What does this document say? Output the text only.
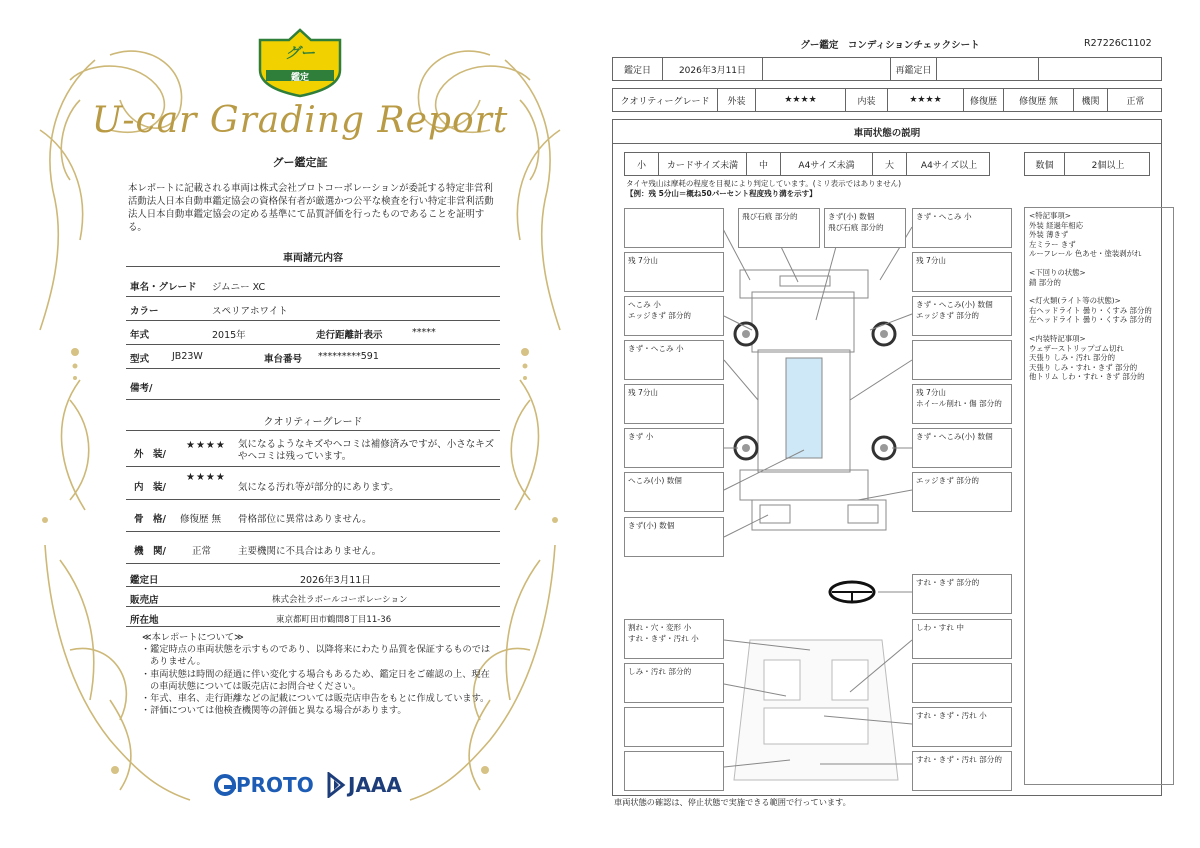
グー
鑑定
U-car Grading Report
グー鑑定証
本レポートに記載される車両は株式会社プロトコーポレーションが委託する特定非営利活動法人日本自動車鑑定協会の資格保有者が厳選かつ公平な検査を行い特定非営利活動法人日本自動車鑑定協会の定める基準にて品質評価を行ったものであることを証明する。
車両諸元内容
車名・グレード ジムニー XC
カラー	スペリアホワイト
年式	2015年	走行距離計表示	*****
型式 JB23W	車台番号 *********591
備考/
クオリティーグレード
外　装/
★★★★ 気になるようなキズやヘコミは補修済みですが、小さなキズやヘコミは残っています。
内　装/
★★★★
気になる汚れ等が部分的にあります。
骨　格/ 修復歴 無 骨格部位に異常はありません。
機　関/	正常	主要機関に不具合はありません。
鑑定日	2026年3月11日
販売店	株式会社ラボールコーポレーション
所在地	東京都町田市鶴間8丁目11-36
≪本レポートについて≫
・鑑定時点の車両状態を示すものであり、以降将来にわたり品質を保証するものではありません。
・車両状態は時間の経過に伴い変化する場合もあるため、鑑定日をご確認の上、現在の車両状態については販売店にお問合せください。
・年式、車名、走行距離などの記載については販売店申告をもとに作成しています。
・評価については他検査機関等の評価と異なる場合があります。
PROTO JAAA
グー鑑定　コンディションチェックシート	R27226C1102
鑑定日	2026年3月11日	再鑑定日
クオリティーグレード	外装	★★★★	内装	★★★★	修復歴	修復歴 無	機関	正常
車両状態の説明
小	カードサイズ未満	中	A4サイズ未満	大	A4サイズ以上	数個	2個以上
タイヤ残山は摩耗の程度を目視により判定しています。(ミリ表示ではありません)
【例：残 5分山＝概ね50パーセント程度残り溝を示す】
残 7分山
へこみ 小
エッジきず 部分的
きず・へこみ 小
残 7分山
きず 小
へこみ(小) 数個
きず(小) 数個
飛び石痕 部分的	きず(小) 数個
飛び石痕 部分的
きず・へこみ 小
残 7分山
きず・へこみ(小) 数個
エッジきず 部分的
残 7分山
ホイール削れ・傷 部分的
きず・へこみ(小) 数個
エッジきず 部分的
すれ・きず 部分的
割れ・穴・変形 小
すれ・きず・汚れ 小
しわ・すれ 中
しみ・汚れ 部分的
すれ・きず・汚れ 小
すれ・きず・汚れ 部分的
<特記事項>
外装 経過年相応
外装 薄きず
左ミラー きず
ルーフレール 色あせ・塗装剥がれ
<下回りの状態>
錆 部分的
<灯火類(ライト等の状態)>
右ヘッドライト 曇り・くすみ 部分的
左ヘッドライト 曇り・くすみ 部分的
<内装特記事項>
ウェザーストリップゴム切れ
天張り しみ・汚れ 部分的
天張り しみ・すれ・きず 部分的
他トリム しわ・すれ・きず 部分的
車両状態の確認は、停止状態で実施できる範囲で行っています。
